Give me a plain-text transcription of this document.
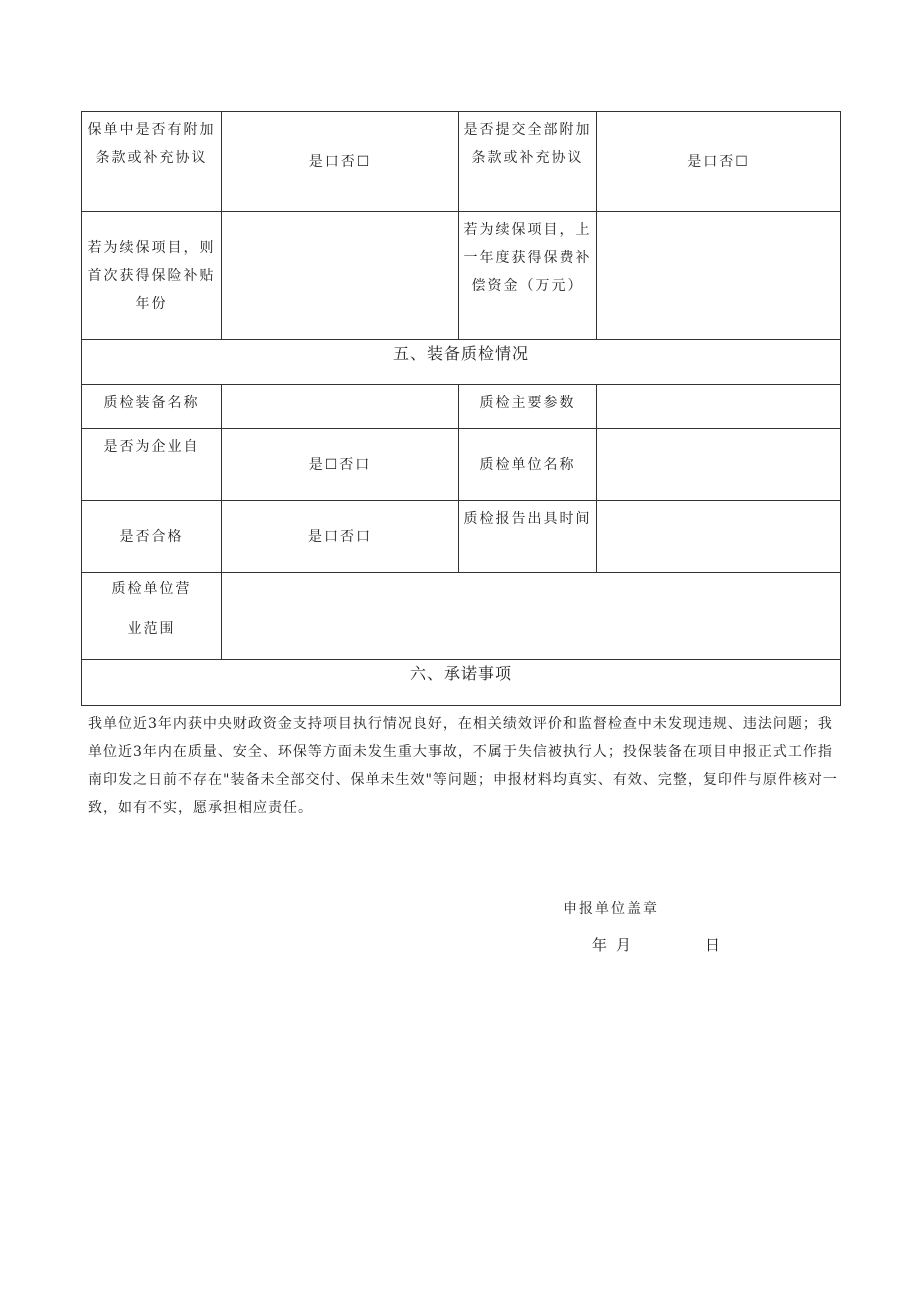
保单中是否有附加条款或补充协议	是口否☐	是否提交全部附加条款或补充协议	是口否☐
若为续保项目，则首次获得保险补贴年份		若为续保项目，上一年度获得保费补偿资金（万元）	
五、装备质检情况			
质检装备名称		质检主要参数	
是否为企业自	是☐否口	质检单位名称	
是否合格	是口否口	质检报告出具时间	

质检单位营
业范围			

六、承诺事项			

我单位近3年内获中央财政资金支持项目执行情况良好，在相关绩效评价和监督检查中未发现违规、违法问题；我单位近3年内在质量、安全、环保等方面未发生重大事故，不属于失信被执行人；投保装备在项目申报正式工作指南印发之日前不存在"装备未全部交付、保单未生效"等问题；申报材料均真实、有效、完整，复印件与原件核对一致，如有不实，愿承担相应责任。

申报单位盖章
年 月	日
